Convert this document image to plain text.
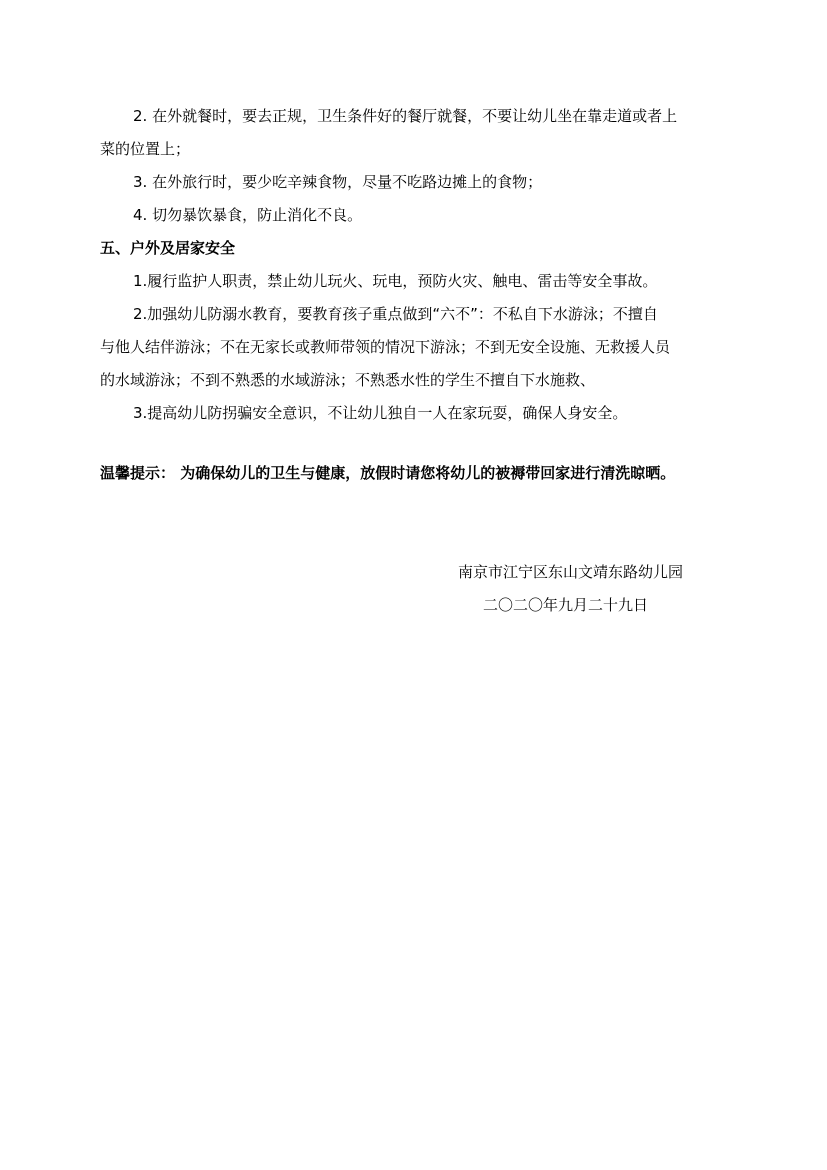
2. 在外就餐时，要去正规，卫生条件好的餐厅就餐，不要让幼儿坐在靠走道或者上
菜的位置上；
3. 在外旅行时，要少吃辛辣食物，尽量不吃路边摊上的食物；
4. 切勿暴饮暴食，防止消化不良。
五、户外及居家安全
1.履行监护人职责，禁止幼儿玩火、玩电，预防火灾、触电、雷击等安全事故。
2.加强幼儿防溺水教育，要教育孩子重点做到“六不”：不私自下水游泳；不擅自
与他人结伴游泳；不在无家长或教师带领的情况下游泳；不到无安全设施、无救援人员
的水域游泳；不到不熟悉的水域游泳；不熟悉水性的学生不擅自下水施救、
3.提高幼儿防拐骗安全意识，不让幼儿独自一人在家玩耍，确保人身安全。
温馨提示： 为确保幼儿的卫生与健康，放假时请您将幼儿的被褥带回家进行清洗晾晒。
南京市江宁区东山文靖东路幼儿园
二〇二〇年九月二十九日
